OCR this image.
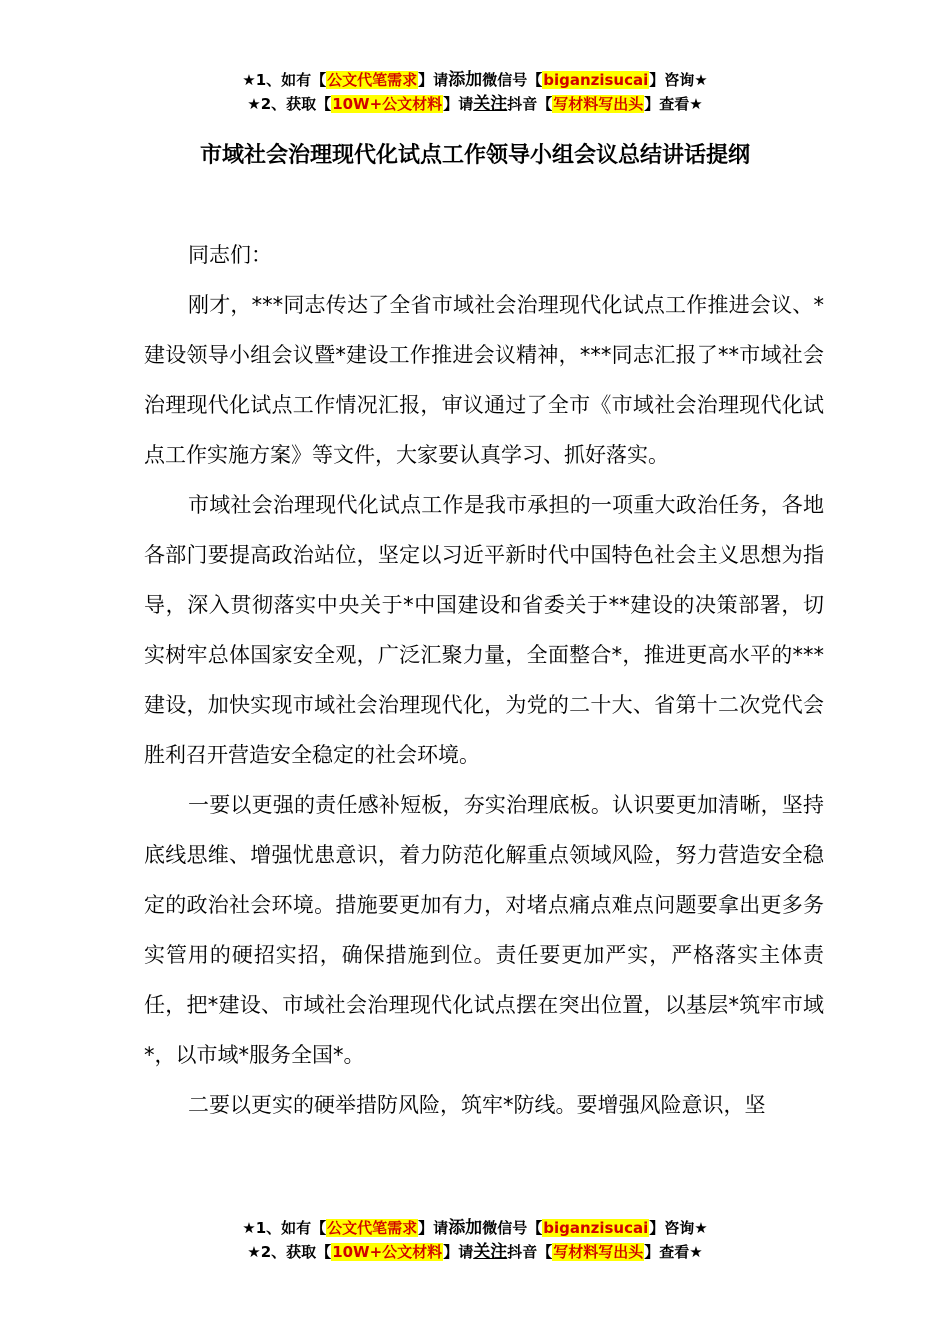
★1、如有【公文代笔需求】请添加微信号【biganzisucai】咨询★
★2、获取【10W+公文材料】请关注抖音【写材料写出头】查看★
市域社会治理现代化试点工作领导小组会议总结讲话提纲

同志们：

刚才，***同志传达了全省市域社会治理现代化试点工作推进会议、*建设领导小组会议暨*建设工作推进会议精神，***同志汇报了**市域社会治理现代化试点工作情况汇报，审议通过了全市《市域社会治理现代化试点工作实施方案》等文件，大家要认真学习、抓好落实。

市域社会治理现代化试点工作是我市承担的一项重大政治任务，各地各部门要提高政治站位，坚定以习近平新时代中国特色社会主义思想为指导，深入贯彻落实中央关于*中国建设和省委关于**建设的决策部署，切实树牢总体国家安全观，广泛汇聚力量，全面整合*，推进更高水平的***建设，加快实现市域社会治理现代化，为党的二十大、省第十二次党代会胜利召开营造安全稳定的社会环境。

一要以更强的责任感补短板，夯实治理底板。认识要更加清晰，坚持底线思维、增强忧患意识，着力防范化解重点领域风险，努力营造安全稳定的政治社会环境。措施要更加有力，对堵点痛点难点问题要拿出更多务实管用的硬招实招，确保措施到位。责任要更加严实，严格落实主体责任，把*建设、市域社会治理现代化试点摆在突出位置，以基层*筑牢市域*，以市域*服务全国*。

二要以更实的硬举措防风险，筑牢*防线。要增强风险意识，坚

★1、如有【公文代笔需求】请添加微信号【biganzisucai】咨询★
★2、获取【10W+公文材料】请关注抖音【写材料写出头】查看★
